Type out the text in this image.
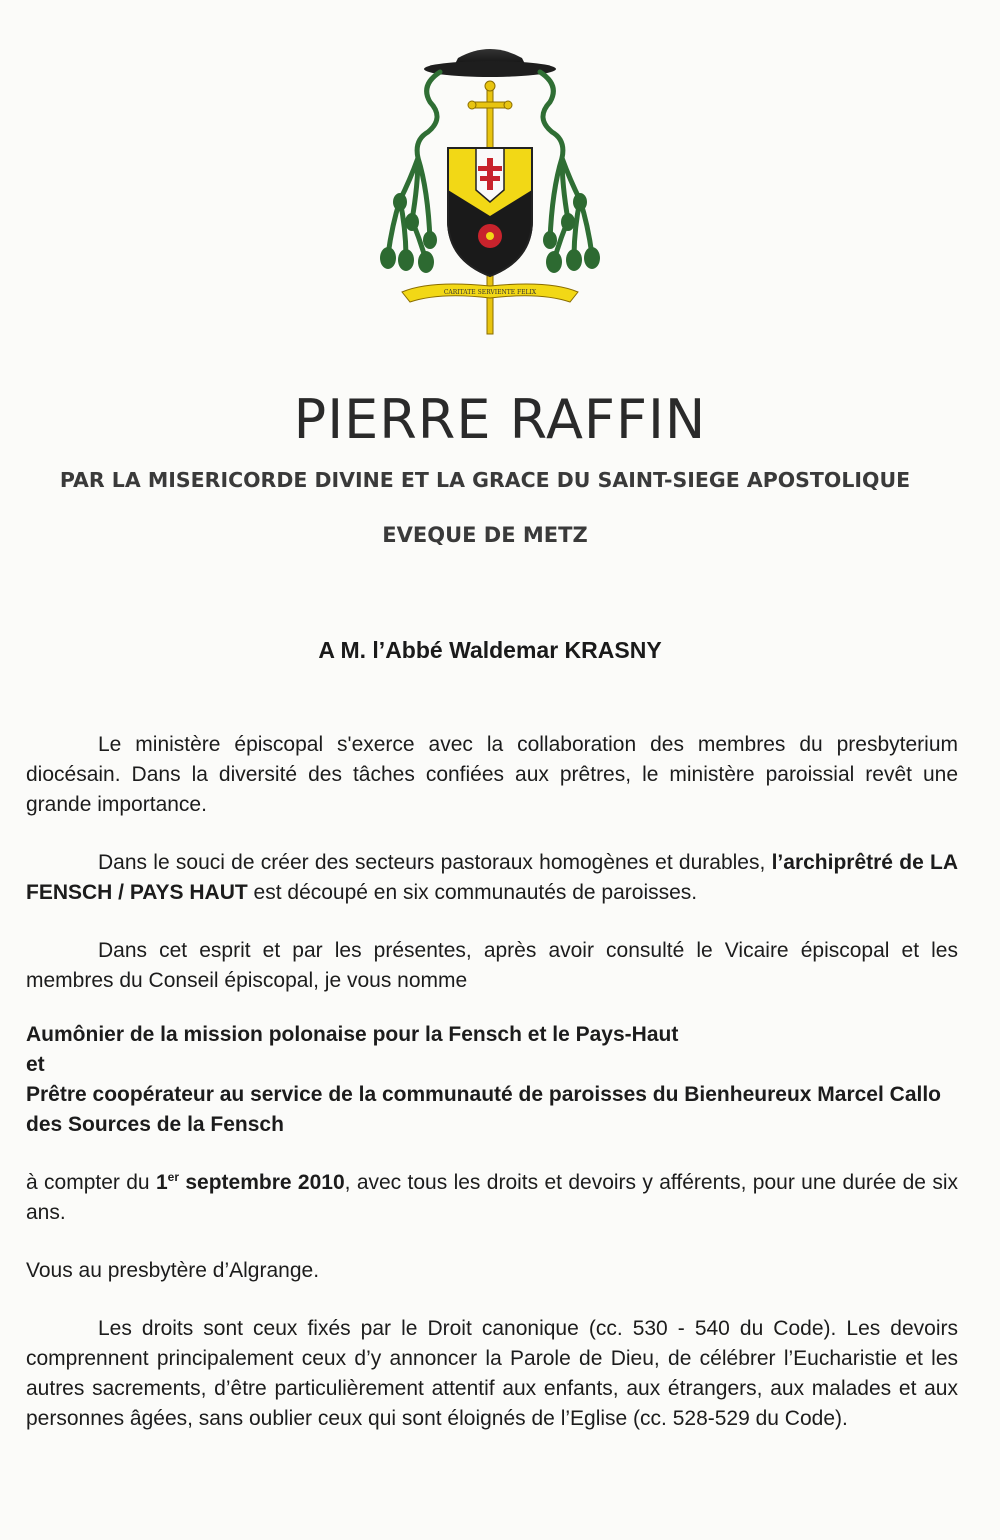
CARITATE SERVIENTE FELIX
PIERRE RAFFIN
PAR LA MISERICORDE DIVINE ET LA GRACE DU SAINT-SIEGE APOSTOLIQUE
EVEQUE DE METZ
A M. l’Abbé Waldemar KRASNY

Le ministère épiscopal s'exerce avec la collaboration des membres du presbyterium diocésain. Dans la diversité des tâches confiées aux prêtres, le ministère paroissial revêt une grande importance.

Dans le souci de créer des secteurs pastoraux homogènes et durables, l’archiprêtré de LA FENSCH / PAYS HAUT est découpé en six communautés de paroisses.

Dans cet esprit et par les présentes, après avoir consulté le Vicaire épiscopal et les membres du Conseil épiscopal, je vous nomme

Aumônier de la mission polonaise pour la Fensch et le Pays-Haut

et

Prêtre coopérateur au service de la communauté de paroisses du Bienheureux Marcel Callo des Sources de la Fensch

à compter du 1er septembre 2010, avec tous les droits et devoirs y afférents, pour une durée de six ans.

Vous au presbytère d’Algrange.

Les droits sont ceux fixés par le Droit canonique (cc. 530 - 540 du Code). Les devoirs comprennent principalement ceux d’y annoncer la Parole de Dieu, de célébrer l’Eucharistie et les autres sacrements, d’être particulièrement attentif aux enfants, aux étrangers, aux malades et aux personnes âgées, sans oublier ceux qui sont éloignés de l’Eglise (cc. 528-529 du Code).
